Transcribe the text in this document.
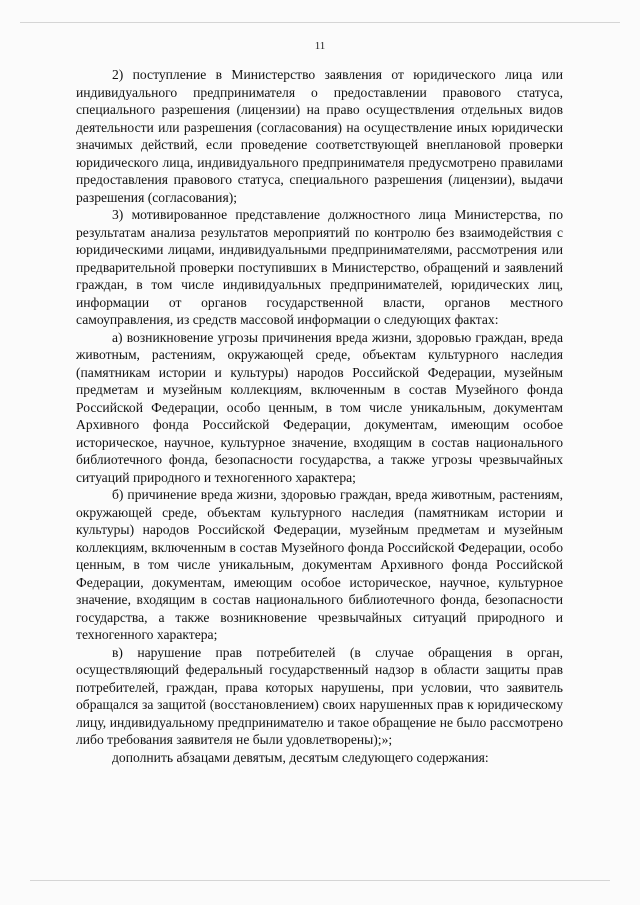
11

2) поступление в Министерство заявления от юридического лица или индивидуального предпринимателя о предоставлении правового статуса, специального разрешения (лицензии) на право осуществления отдельных видов деятельности или разрешения (согласования) на осуществление иных юридически значимых действий, если проведение соответствующей внеплановой проверки юридического лица, индивидуального предпринимателя предусмотрено правилами предоставления правового статуса, специального разрешения (лицензии), выдачи разрешения (согласования);

3) мотивированное представление должностного лица Министерства, по результатам анализа результатов мероприятий по контролю без взаимодействия с юридическими лицами, индивидуальными предпринимателями, рассмотрения или предварительной проверки поступивших в Министерство, обращений и заявлений граждан, в том числе индивидуальных предпринимателей, юридических лиц, информации от органов государственной власти, органов местного самоуправления, из средств массовой информации о следующих фактах:

а) возникновение угрозы причинения вреда жизни, здоровью граждан, вреда животным, растениям, окружающей среде, объектам культурного наследия (памятникам истории и культуры) народов Российской Федерации, музейным предметам и музейным коллекциям, включенным в состав Музейного фонда Российской Федерации, особо ценным, в том числе уникальным, документам Архивного фонда Российской Федерации, документам, имеющим особое историческое, научное, культурное значение, входящим в состав национального библиотечного фонда, безопасности государства, а также угрозы чрезвычайных ситуаций природного и техногенного характера;

б) причинение вреда жизни, здоровью граждан, вреда животным, растениям, окружающей среде, объектам культурного наследия (памятникам истории и культуры) народов Российской Федерации, музейным предметам и музейным коллекциям, включенным в состав Музейного фонда Российской Федерации, особо ценным, в том числе уникальным, документам Архивного фонда Российской Федерации, документам, имеющим особое историческое, научное, культурное значение, входящим в состав национального библиотечного фонда, безопасности государства, а также возникновение чрезвычайных ситуаций природного и техногенного характера;

в) нарушение прав потребителей (в случае обращения в орган, осуществляющий федеральный государственный надзор в области защиты прав потребителей, граждан, права которых нарушены, при условии, что заявитель обращался за защитой (восстановлением) своих нарушенных прав к юридическому лицу, индивидуальному предпринимателю и такое обращение не было рассмотрено либо требования заявителя не были удовлетворены);»;

дополнить абзацами девятым, десятым следующего содержания:
